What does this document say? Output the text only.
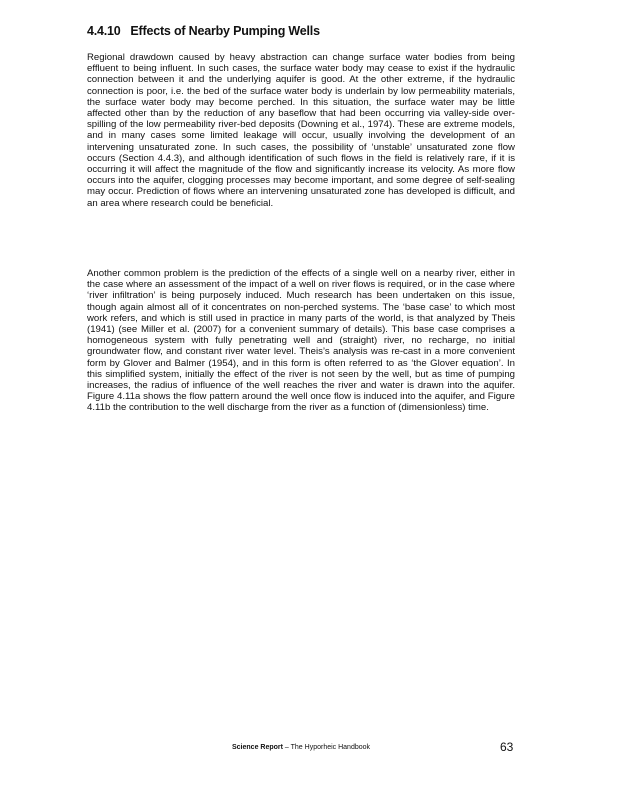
4.4.10 Effects of Nearby Pumping Wells

Regional drawdown caused by heavy abstraction can change surface water bodies from being effluent to being influent. In such cases, the surface water body may cease to exist if the hydraulic connection between it and the underlying aquifer is good. At the other extreme, if the hydraulic connection is poor, i.e. the bed of the surface water body is underlain by low permeability materials, the surface water body may become perched. In this situation, the surface water may be little affected other than by the reduction of any baseflow that had been occurring via valley-side over-spilling of the low permeability river-bed deposits (Downing et al., 1974). These are extreme models, and in many cases some limited leakage will occur, usually involving the development of an intervening unsaturated zone. In such cases, the possibility of ‘unstable’ unsaturated zone flow occurs (Section 4.4.3), and although identification of such flows in the field is relatively rare, if it is occurring it will affect the magnitude of the flow and significantly increase its velocity. As more flow occurs into the aquifer, clogging processes may become important, and some degree of self-sealing may occur. Prediction of flows where an intervening unsaturated zone has developed is difficult, and an area where research could be beneficial.

Another common problem is the prediction of the effects of a single well on a nearby river, either in the case where an assessment of the impact of a well on river flows is required, or in the case where ‘river infiltration’ is being purposely induced. Much research has been undertaken on this issue, though again almost all of it concentrates on non-perched systems. The ‘base case’ to which most work refers, and which is still used in practice in many parts of the world, is that analyzed by Theis (1941) (see Miller et al. (2007) for a convenient summary of details). This base case comprises a homogeneous system with fully penetrating well and (straight) river, no recharge, no initial groundwater flow, and constant river water level. Theis’s analysis was re-cast in a more convenient form by Glover and Balmer (1954), and in this form is often referred to as ‘the Glover equation’. In this simplified system, initially the effect of the river is not seen by the well, but as time of pumping increases, the radius of influence of the well reaches the river and water is drawn into the aquifer. Figure 4.11a shows the flow pattern around the well once flow is induced into the aquifer, and Figure 4.11b the contribution to the well discharge from the river as a function of (dimensionless) time.

Science Report – The Hyporheic Handbook	63
